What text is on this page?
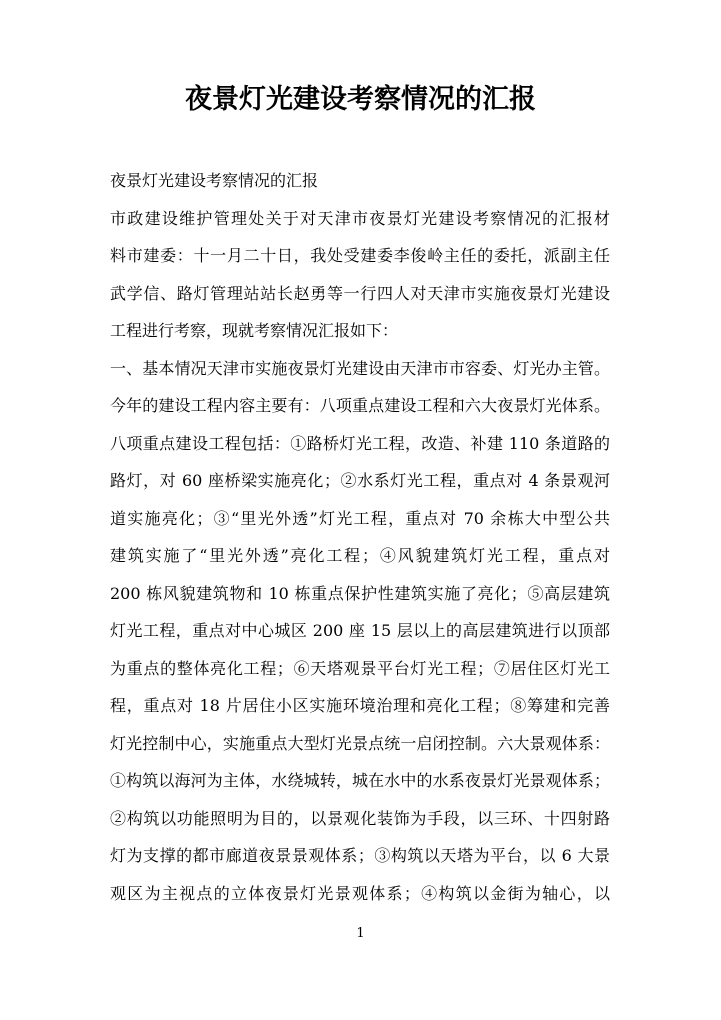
夜景灯光建设考察情况的汇报
夜景灯光建设考察情况的汇报
市政建设维护管理处关于对天津市夜景灯光建设考察情况的汇报材
料市建委：十一月二十日，我处受建委李俊岭主任的委托，派副主任
武学信、路灯管理站站长赵勇等一行四人对天津市实施夜景灯光建设
工程进行考察，现就考察情况汇报如下：
一、基本情况天津市实施夜景灯光建设由天津市市容委、灯光办主管。
今年的建设工程内容主要有：八项重点建设工程和六大夜景灯光体系。
八项重点建设工程包括：①路桥灯光工程，改造、补建 110 条道路的
路灯，对 60 座桥梁实施亮化；②水系灯光工程，重点对 4 条景观河
道实施亮化；③“里光外透”灯光工程，重点对 70 余栋大中型公共
建筑实施了“里光外透”亮化工程；④风貌建筑灯光工程，重点对
200 栋风貌建筑物和 10 栋重点保护性建筑实施了亮化；⑤高层建筑
灯光工程，重点对中心城区 200 座 15 层以上的高层建筑进行以顶部
为重点的整体亮化工程；⑥天塔观景平台灯光工程；⑦居住区灯光工
程，重点对 18 片居住小区实施环境治理和亮化工程；⑧筹建和完善
灯光控制中心，实施重点大型灯光景点统一启闭控制。六大景观体系：
①构筑以海河为主体，水绕城转，城在水中的水系夜景灯光景观体系；
②构筑以功能照明为目的，以景观化装饰为手段，以三环、十四射路
灯为支撑的都市廊道夜景景观体系；③构筑以天塔为平台，以 6 大景
观区为主视点的立体夜景灯光景观体系；④构筑以金街为轴心，以
1
